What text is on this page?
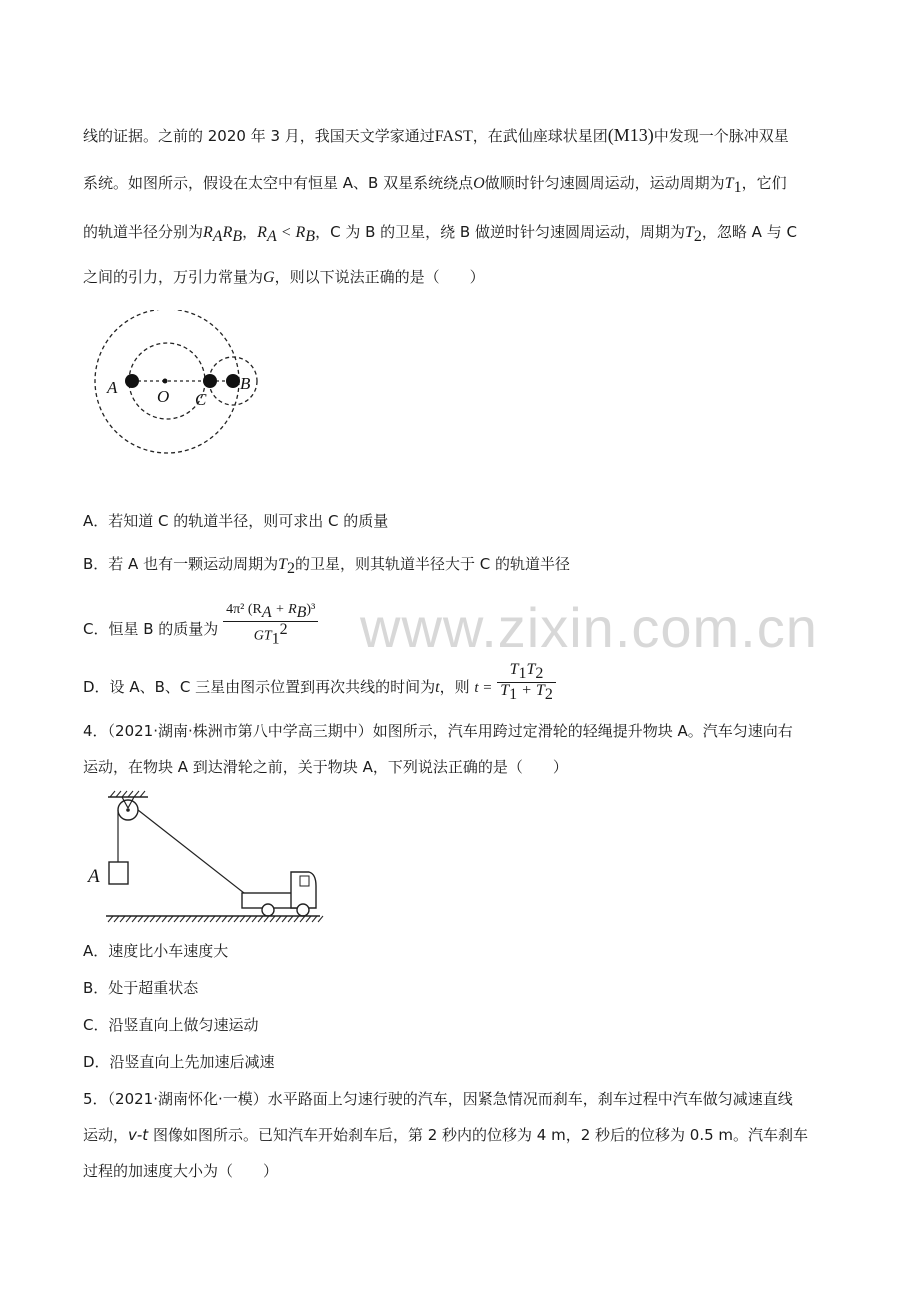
www.zixin.com.cn
线的证据。之前的 2020 年 3 月，我国天文学家通过FAST，在武仙座球状星团(M13)中发现一个脉冲双星
系统。如图所示，假设在太空中有恒星 A、B 双星系统绕点O做顺时针匀速圆周运动，运动周期为$T_1$，它们
的轨道半径分别为$R_AR_B$，$R_A < R_B$，C 为 B 的卫星，绕 B 做逆时针匀速圆周运动，周期为$T_2$，忽略 A 与 C
之间的引力，万引力常量为G，则以下说法正确的是（　　）
A O C
B
A．若知道 C 的轨道半径，则可求出 C 的质量
B．若 A 也有一颗运动周期为$T_2$的卫星，则其轨道半径大于 C 的轨道半径
C．恒星 B 的质量为 $\frac{4\pi^2 (R_A + R_B)^3}{GT_1^2}$
D．设 A、B、C 三星由图示位置到再次共线的时间为t，则 $t = \frac{T_1T_2}{T_1 + T_2}$
4．（2021·湖南·株洲市第八中学高三期中）如图所示，汽车用跨过定滑轮的轻绳提升物块 A。汽车匀速向右
运动，在物块 A 到达滑轮之前，关于物块 A，下列说法正确的是（　　）
A
A．速度比小车速度大
B．处于超重状态
C．沿竖直向上做匀速运动
D．沿竖直向上先加速后减速
5．（2021·湖南怀化·一模）水平路面上匀速行驶的汽车，因紧急情况而刹车，刹车过程中汽车做匀减速直线
运动，v-t 图像如图所示。已知汽车开始刹车后，第 2 秒内的位移为 4 m，2 秒后的位移为 0.5 m。汽车刹车
过程的加速度大小为（　　）
